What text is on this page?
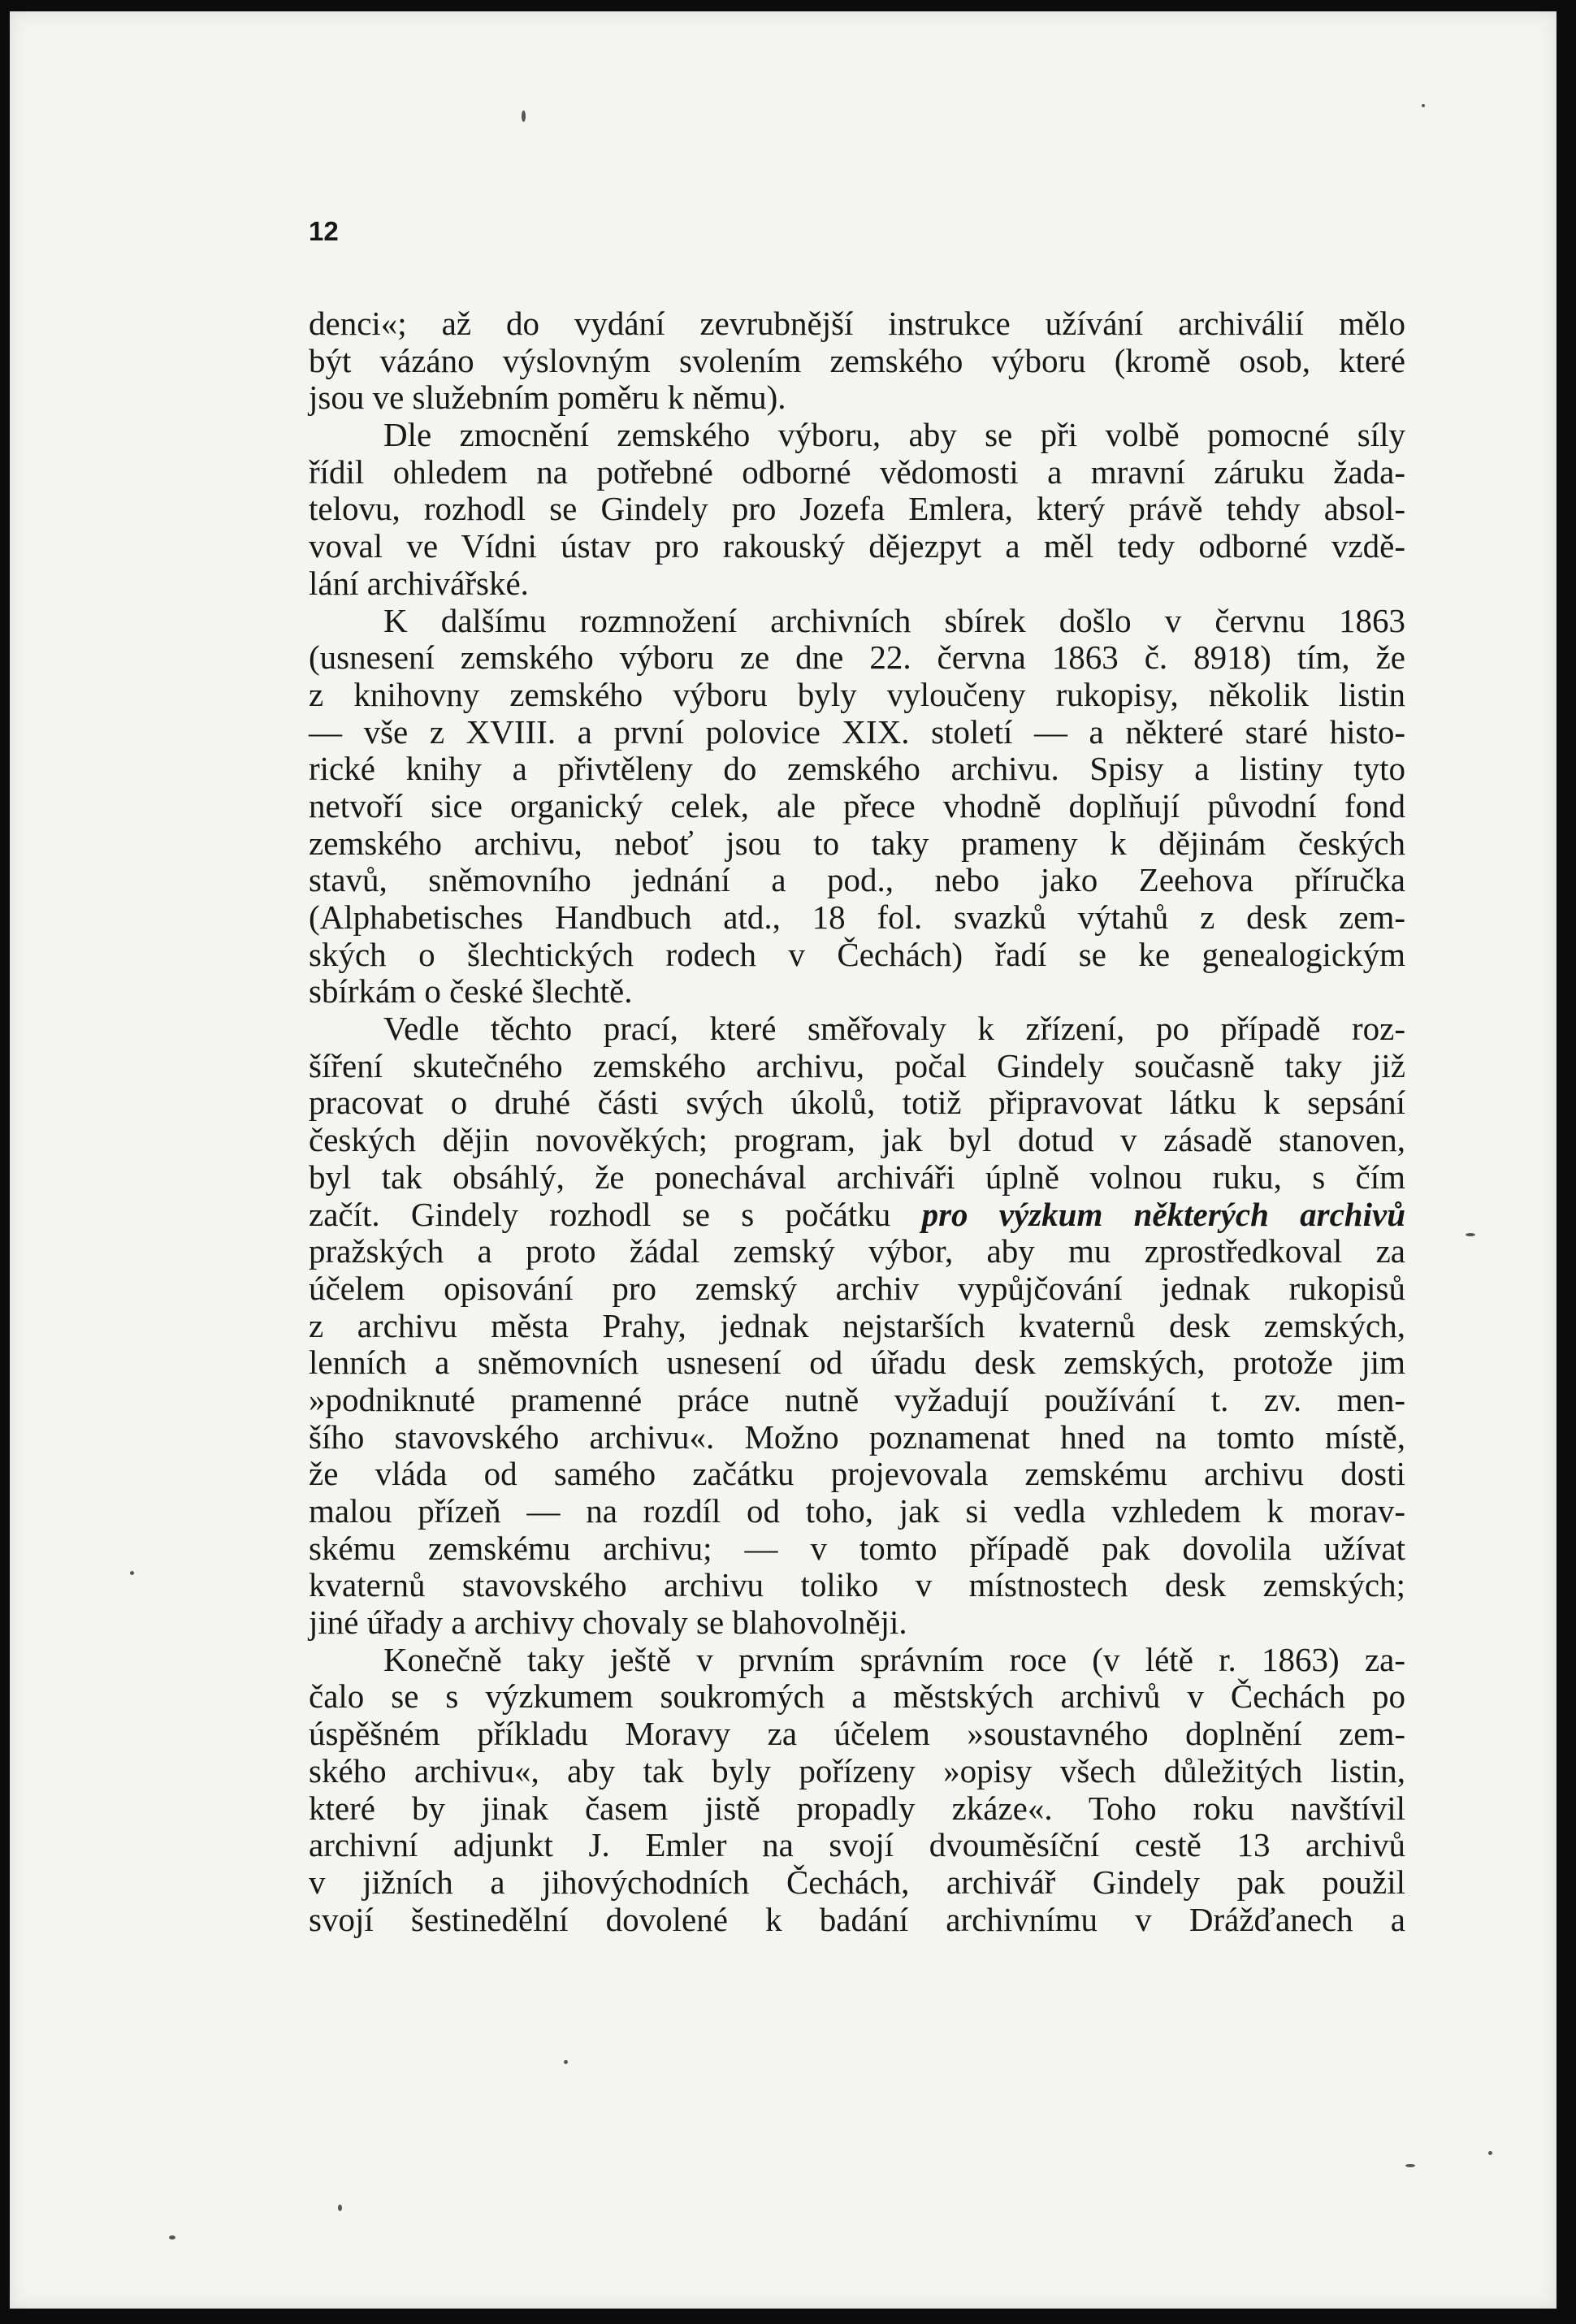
12
denci«; až do vydání zevrubnější instrukce užívání archiválií mělo
být vázáno výslovným svolením zemského výboru (kromě osob, které
jsou ve služebním poměru k němu).
Dle zmocnění zemského výboru, aby se při volbě pomocné síly
řídil ohledem na potřebné odborné vědomosti a mravní záruku žada-
telovu, rozhodl se Gindely pro Jozefa Emlera, který právě tehdy absol-
voval ve Vídni ústav pro rakouský dějezpyt a měl tedy odborné vzdě-
lání archivářské.
K dalšímu rozmnožení archivních sbírek došlo v červnu 1863
(usnesení zemského výboru ze dne 22. června 1863 č. 8918) tím, že
z knihovny zemského výboru byly vyloučeny rukopisy, několik listin
— vše z XVIII. a první polovice XIX. století — a některé staré histo-
rické knihy a přivtěleny do zemského archivu. Spisy a listiny tyto
netvoří sice organický celek, ale přece vhodně doplňují původní fond
zemského archivu, neboť jsou to taky prameny k dějinám českých
stavů, sněmovního jednání a pod., nebo jako Zeehova příručka
(Alphabetisches Handbuch atd., 18 fol. svazků výtahů z desk zem-
ských o šlechtických rodech v Čechách) řadí se ke genealogickým
sbírkám o české šlechtě.
Vedle těchto prací, které směřovaly k zřízení, po případě roz-
šíření skutečného zemského archivu, počal Gindely současně taky již
pracovat o druhé části svých úkolů, totiž připravovat látku k sepsání
českých dějin novověkých; program, jak byl dotud v zásadě stanoven,
byl tak obsáhlý, že ponechával archiváři úplně volnou ruku, s čím
začít. Gindely rozhodl se s počátku pro výzkum některých archivů
pražských a proto žádal zemský výbor, aby mu zprostředkoval za
účelem opisování pro zemský archiv vypůjčování jednak rukopisů
z archivu města Prahy, jednak nejstarších kvaternů desk zemských,
lenních a sněmovních usnesení od úřadu desk zemských, protože jim
»podniknuté pramenné práce nutně vyžadují používání t. zv. men-
šího stavovského archivu«. Možno poznamenat hned na tomto místě,
že vláda od samého začátku projevovala zemskému archivu dosti
malou přízeň — na rozdíl od toho, jak si vedla vzhledem k morav-
skému zemskému archivu; — v tomto případě pak dovolila užívat
kvaternů stavovského archivu toliko v místnostech desk zemských;
jiné úřady a archivy chovaly se blahovolněji.
Konečně taky ještě v prvním správním roce (v létě r. 1863) za-
čalo se s výzkumem soukromých a městských archivů v Čechách po
úspěšném příkladu Moravy za účelem »soustavného doplnění zem-
ského archivu«, aby tak byly pořízeny »opisy všech důležitých listin,
které by jinak časem jistě propadly zkáze«. Toho roku navštívil
archivní adjunkt J. Emler na svojí dvouměsíční cestě 13 archivů
v jižních a jihovýchodních Čechách, archivář Gindely pak použil
svojí šestinedělní dovolené k badání archivnímu v Drážďanech a
